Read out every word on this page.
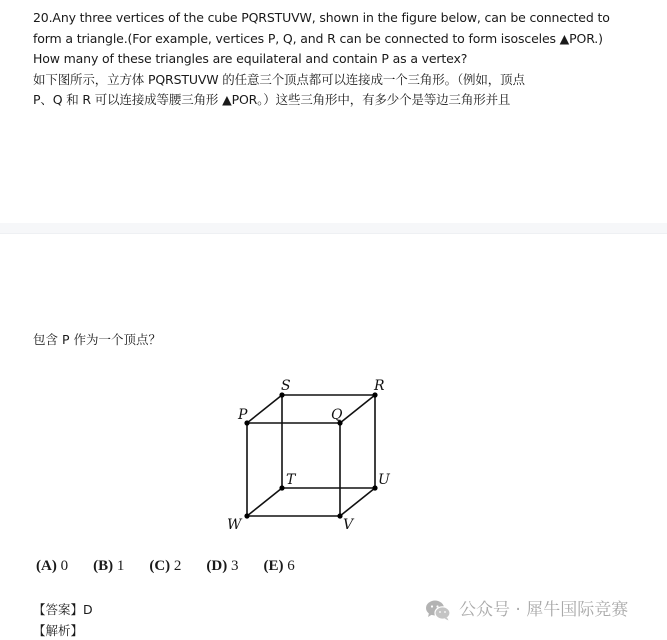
20.Any three vertices of the cube PQRSTUVW, shown in the figure below, can be connected to
form a triangle.(For example, vertices P, Q, and R can be connected to form isosceles ▲POR.)
How many of these triangles are equilateral and contain P as a vertex?
如下图所示，立方体 PQRSTUVW 的任意三个顶点都可以连接成一个三角形。（例如，顶点
P、Q 和 R 可以连接成等腰三角形 ▲POR。）这些三角形中，有多少个是等边三角形并且
包含 P 作为一个顶点？
S	R
P	Q
T	U
W	V
(A) 0 (B) 1 (C) 2 (D) 3 (E) 6
【答案】D
【解析】
公众号 · 犀牛国际竞赛
